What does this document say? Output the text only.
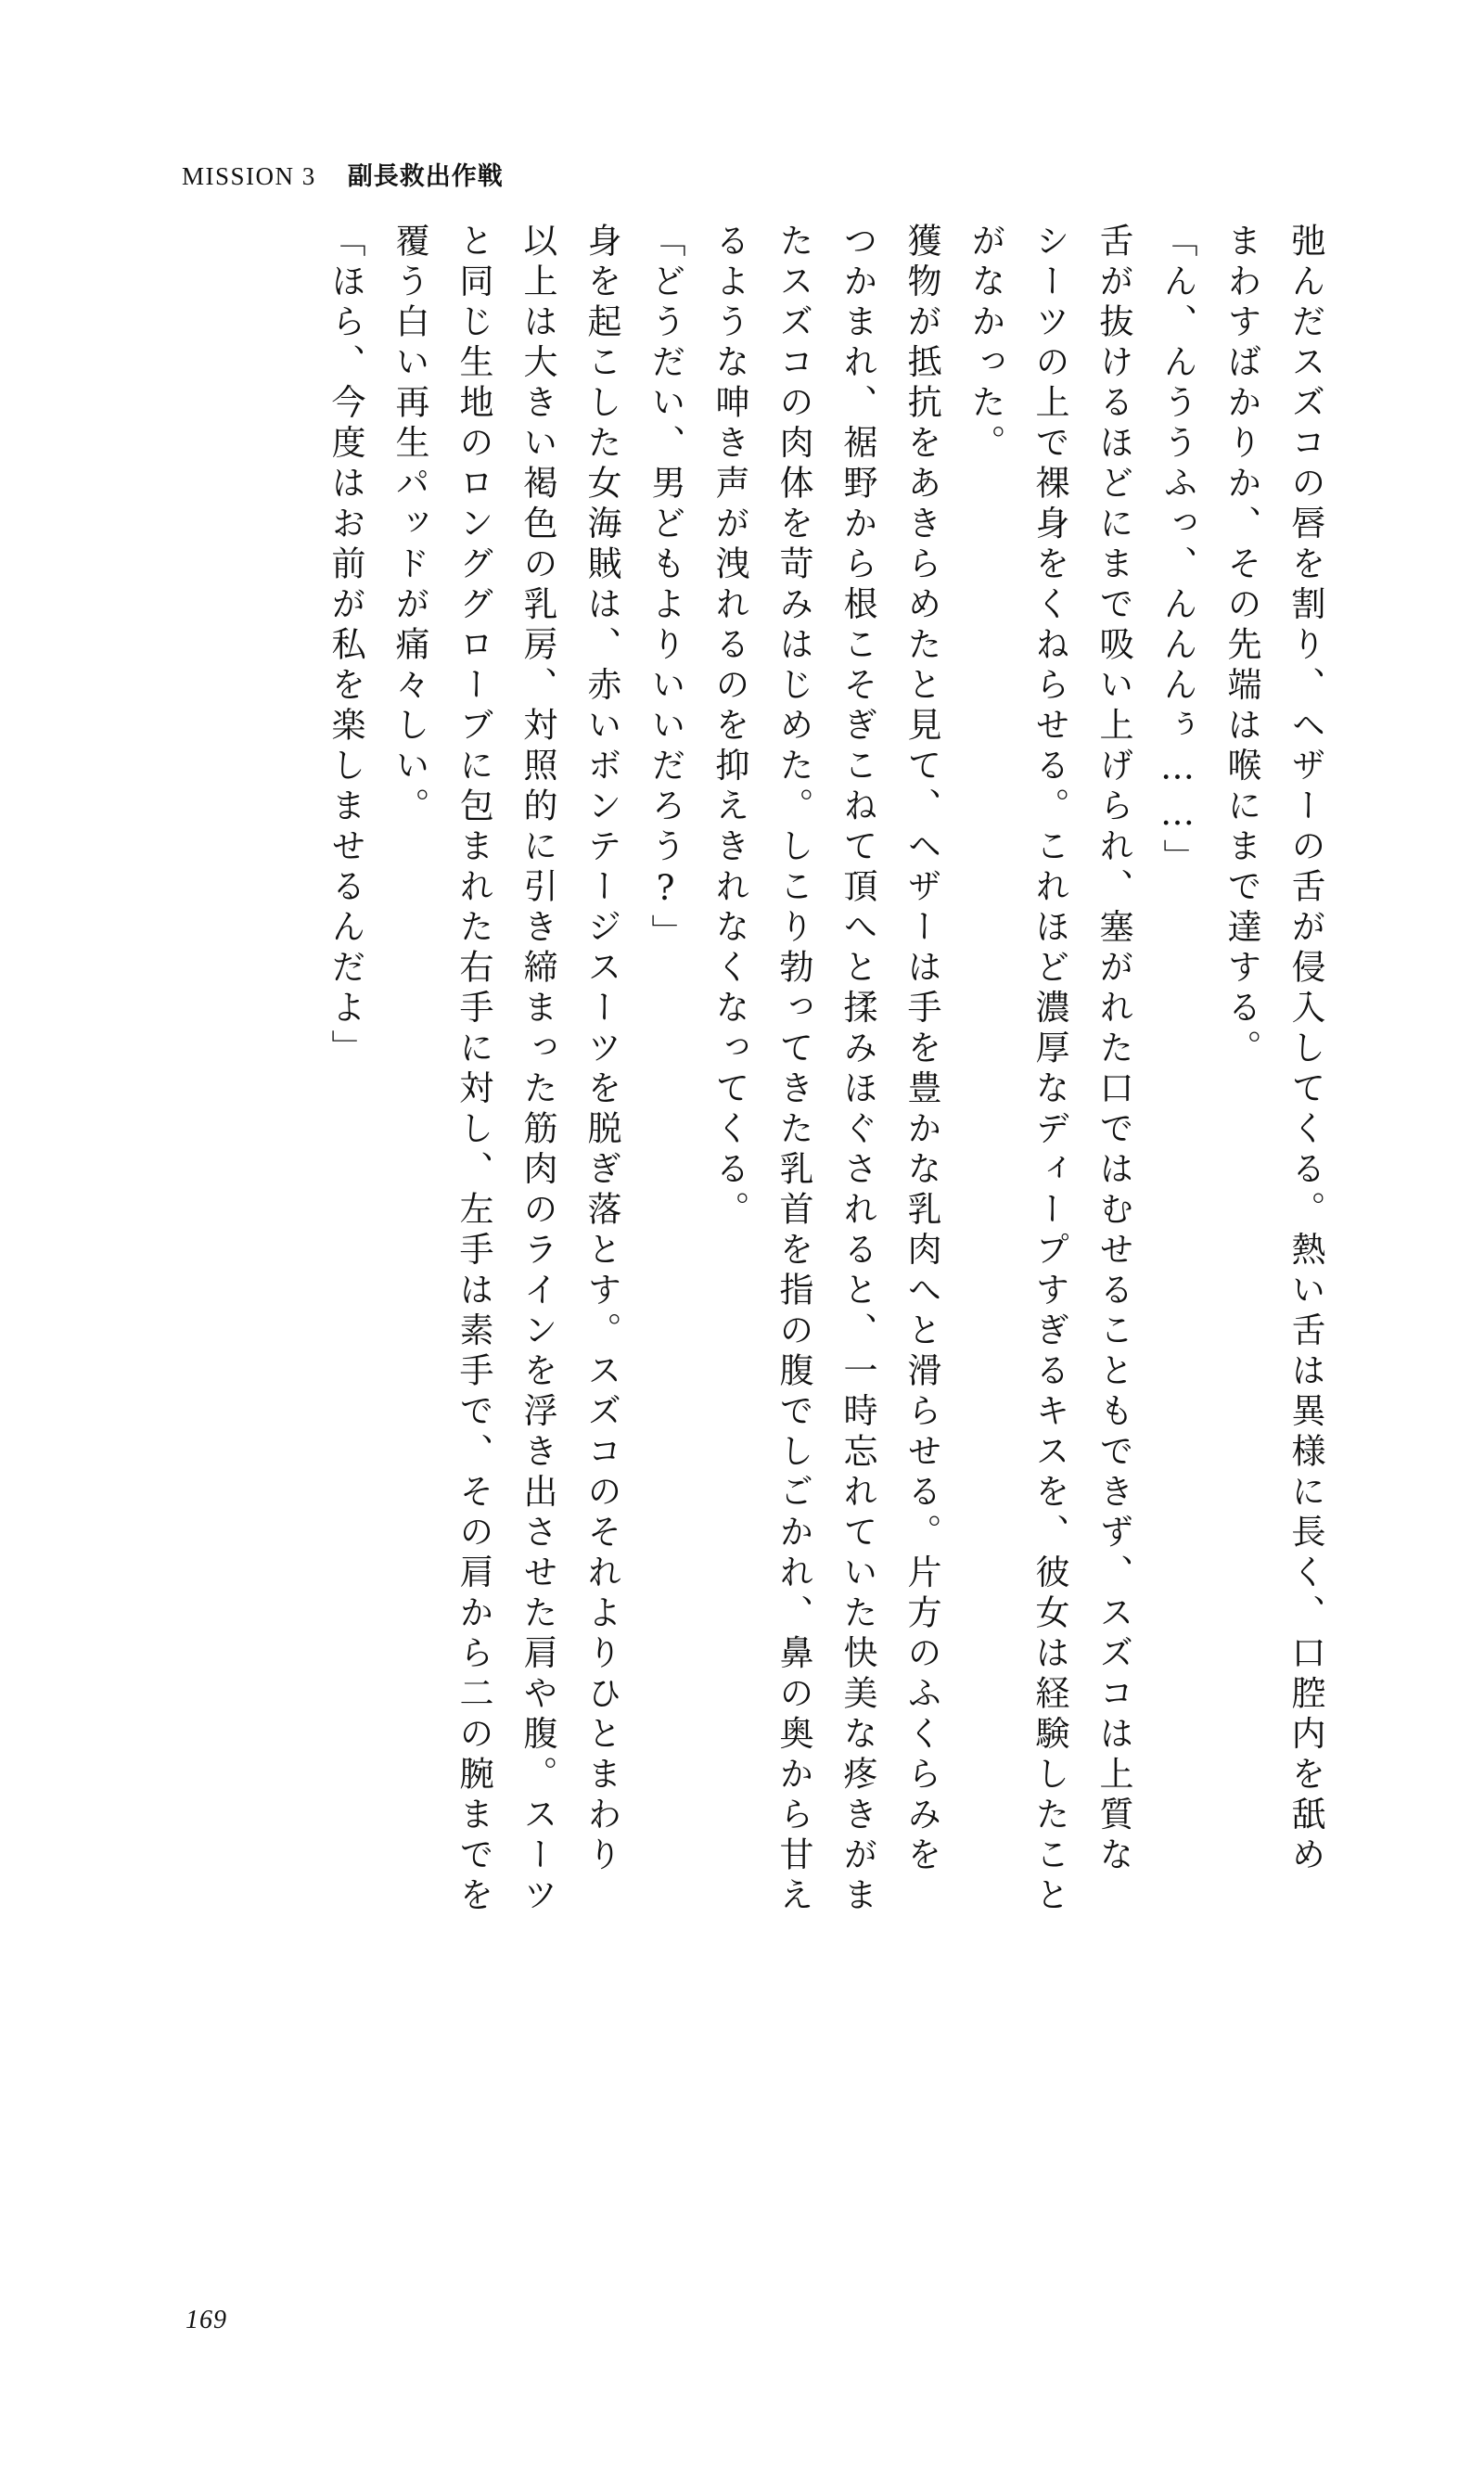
MISSION 3 副長救出作戦
弛んだスズコの唇を割り、ヘザーの舌が侵入してくる。熱い舌は異様に長く、口腔内を舐め
まわすばかりか、その先端は喉にまで達する。
「ん、んううふっ、んんんぅ……」
舌が抜けるほどにまで吸い上げられ、塞がれた口ではむせることもできず、スズコは上質な
シーツの上で裸身をくねらせる。これほど濃厚なディープすぎるキスを、彼女は経験したこと
がなかった。
獲物が抵抗をあきらめたと見て、ヘザーは手を豊かな乳肉へと滑らせる。片方のふくらみを
つかまれ、裾野から根こそぎこねて頂へと揉みほぐされると、一時忘れていた快美な疼きがま
たスズコの肉体を苛みはじめた。しこり勃ってきた乳首を指の腹でしごかれ、鼻の奥から甘え
るような呻き声が洩れるのを抑えきれなくなってくる。
「どうだい、男どもよりいいだろう?」
身を起こした女海賊は、赤いボンテージスーツを脱ぎ落とす。スズコのそれよりひとまわり
以上は大きい褐色の乳房、対照的に引き締まった筋肉のラインを浮き出させた肩や腹。スーツ
と同じ生地のロンググローブに包まれた右手に対し、左手は素手で、その肩から二の腕までを
覆う白い再生パッドが痛々しい。
「ほら、今度はお前が私を楽しませるんだよ」
169
